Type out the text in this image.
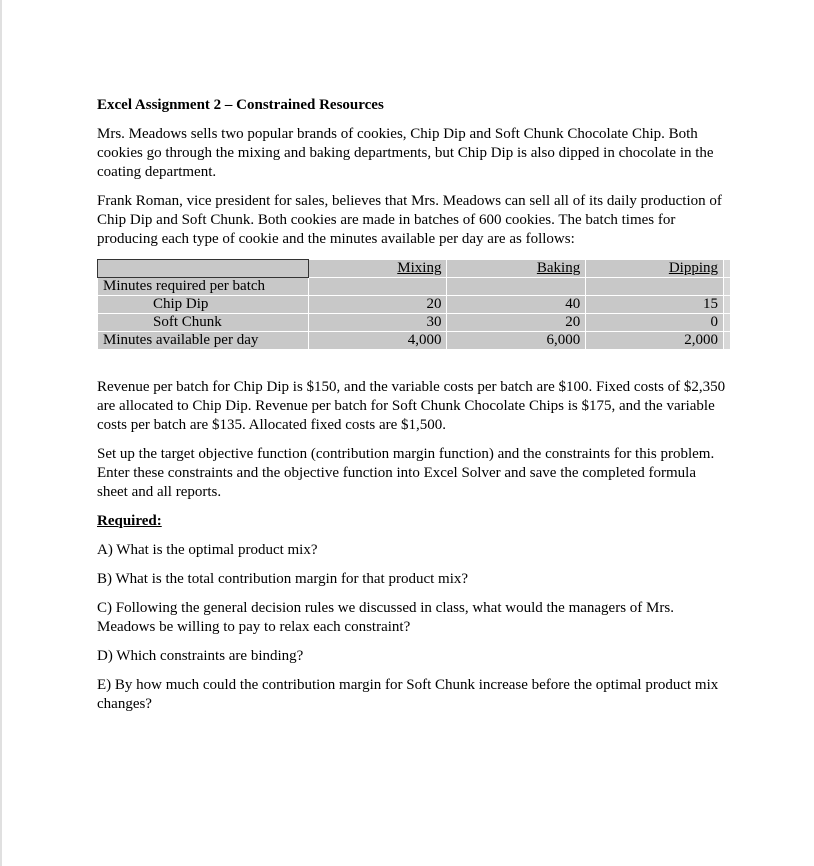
Excel Assignment 2 – Constrained Resources

Mrs. Meadows sells two popular brands of cookies, Chip Dip and Soft Chunk Chocolate Chip. Both cookies go through the mixing and baking departments, but Chip Dip is also dipped in chocolate in the coating department.

Frank Roman, vice president for sales, believes that Mrs. Meadows can sell all of its daily production of Chip Dip and Soft Chunk. Both cookies are made in batches of 600 cookies. The batch times for producing each type of cookie and the minutes available per day are as follows:

	Mixing	Baking	Dipping	
Minutes required per batch				
Chip Dip	20	40	15	
Soft Chunk	30	20	0	
Minutes available per day	4,000	6,000	2,000	

Revenue per batch for Chip Dip is $150, and the variable costs per batch are $100. Fixed costs of $2,350 are allocated to Chip Dip. Revenue per batch for Soft Chunk Chocolate Chips is $175, and the variable costs per batch are $135. Allocated fixed costs are $1,500.

Set up the target objective function (contribution margin function) and the constraints for this problem. Enter these constraints and the objective function into Excel Solver and save the completed formula sheet and all reports.

Required:

A) What is the optimal product mix?

B) What is the total contribution margin for that product mix?

C) Following the general decision rules we discussed in class, what would the managers of Mrs. Meadows be willing to pay to relax each constraint?

D) Which constraints are binding?

E) By how much could the contribution margin for Soft Chunk increase before the optimal product mix changes?
